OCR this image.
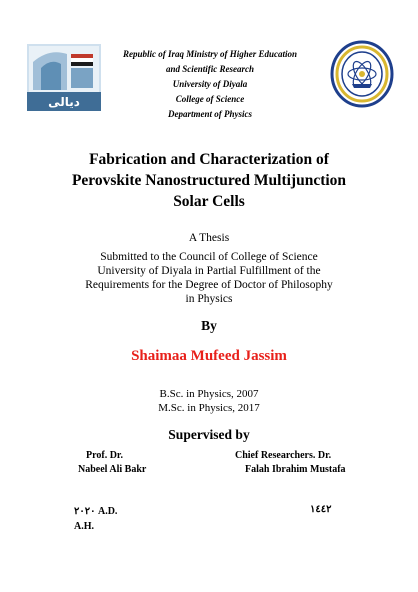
ديالى
Republic of Iraq Ministry of Higher Education
and Scientific Research
University of Diyala
College of Science
Department of Physics
Fabrication and Characterization of
Perovskite Nanostructured Multijunction
Solar Cells
A Thesis
Submitted to the Council of College of Science
University of Diyala in Partial Fulfillment of the
Requirements for the Degree of Doctor of Philosophy
in Physics
By
Shaimaa Mufeed Jassim
B.Sc. in Physics, 2007
M.Sc. in Physics, 2017
Supervised by
Prof. Dr.
Nabeel Ali Bakr
Chief Researchers. Dr.
Falah Ibrahim Mustafa
٢٠٢٠ A.D.
A.H.
١٤٤٢
